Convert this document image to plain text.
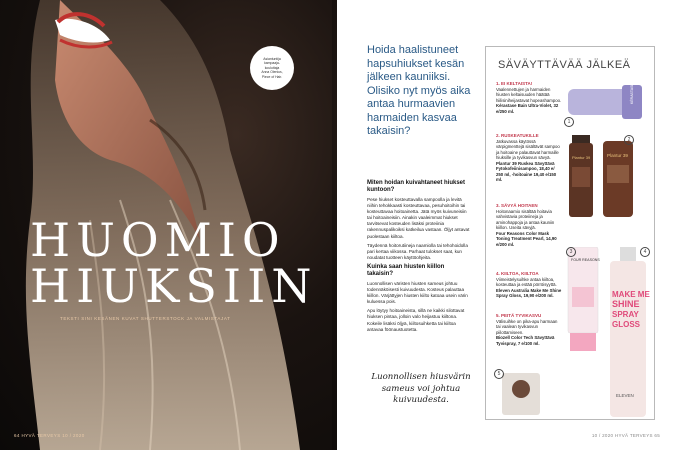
Asiantuntija
kampaaja-
kouluttaja
Anna Olenius,
Piece of Hair.
HUOMIO
HIUKSIIN
TEKSTI SINI KESÄNEN KUVAT SHUTTERSTOCK JA VALMISTAJAT
64 HYVÄ TERVEYS 10 / 2020
Hoida haalistuneet hapsuhiukset kesän jälkeen kauniiksi. Olisiko nyt myös aika antaa hurmaavien harmaiden kasvaa takaisin?
Miten hoidan kuivahtaneet hiukset kuntoon?

Pese hiukset kosteuttavalla sampoolla ja levitä niihin tehokkaasti kosteuttavaa, pesuhoitoihin tai kosteuttavaa hoitoainetta. Jätä myös kuivuneisiin tai hoitoaineisiin. Ainakin vaaleimmat hiukset tarvitsevat kosteuden lisäksi proteiinia rakennuspalikoiksi katkeilua vastaan. Öljyt antavat puolestaan kiiltoa.

Täydennä hoitorutiineja naamiolla tai tehohoidolla pari kertaa viikossa. Parhaat tulokset saat, kun noudatat tuotteen käyttöohjeita.

Kuinka saan hiusten kiillon takaisin?

Luonnollisen väristen hiusten sameus johtuu todennäköisesti kuivuudesta. Kosteus palauttaa kiillon. Värjättyjen hiusten kiilto katoaa usein värin kuluessa pois.

Apu löytyy hoitoaineista, sillä ne kaikki silottavat hiuksen pintaa, jolloin valo heijastuu kiiltona. Kokeile lisäksi öljyä, kiiltosuihketta tai kiiltoa antavaa föönaustuotetta.

Luonnollisen hiusvärin sameus voi johtua kuivuudesta.
SÄVÄYTTÄVÄÄ JÄLKEÄ

1. EI KELTAISTA!

Vaalennettujen ja harmaiden hiusten keltaisuuden häätää hiilisiniheijastavat hopeashampoo.

Kérastase Bain Ultra-Violet, 32 e/250 ml.

2. RUSKEATUKILLE

Jatkuvassa käytössä värpigmenttejä sisältävät sampoo ja hoitoaine palauttavat harmaille hiuksille ja tyvikasvun sävyä.

Plantur 39 Ruskea Sävyttävä Fytokofeiinisampoo, 18,40 e/ 250 ml, -hoitoaine 19,40 e/150 ml.

3. SÄVYÄ HOITAEN

Hoitonaamio sisältää hoitavia vahvistavia proteiineja ja aminohappoja ja antaa kauniin kiillon. Useita sävyjä.

Four Reasons Color Mask Toning Treatment Pearl, 14,90 e/200 ml.

4. KIILTOA, KIILTOA

Viimeistelysuihke antaa kiiltoa, kosteuttaa ja estää pörröisyyttä.

Eleven Australia Make Me Shine Spray Gloss, 19,90 e/200 ml.

5. PEITÄ TYVIKASVU

Välisuihke on pika-apu harmaan tai vaalean tyvikasvun piilottamiseen.

Biozell Color Tech Sävyttävä Tyvispray, 7 e/100 ml.

KÉRASTASE
1
Plantur 39	Plantur 39
2
FOUR REASONS
3
MAKE ME
SHINE
SPRAY
GLOSS
ELEVEN
4
5
10 / 2020 HYVÄ TERVEYS 65
